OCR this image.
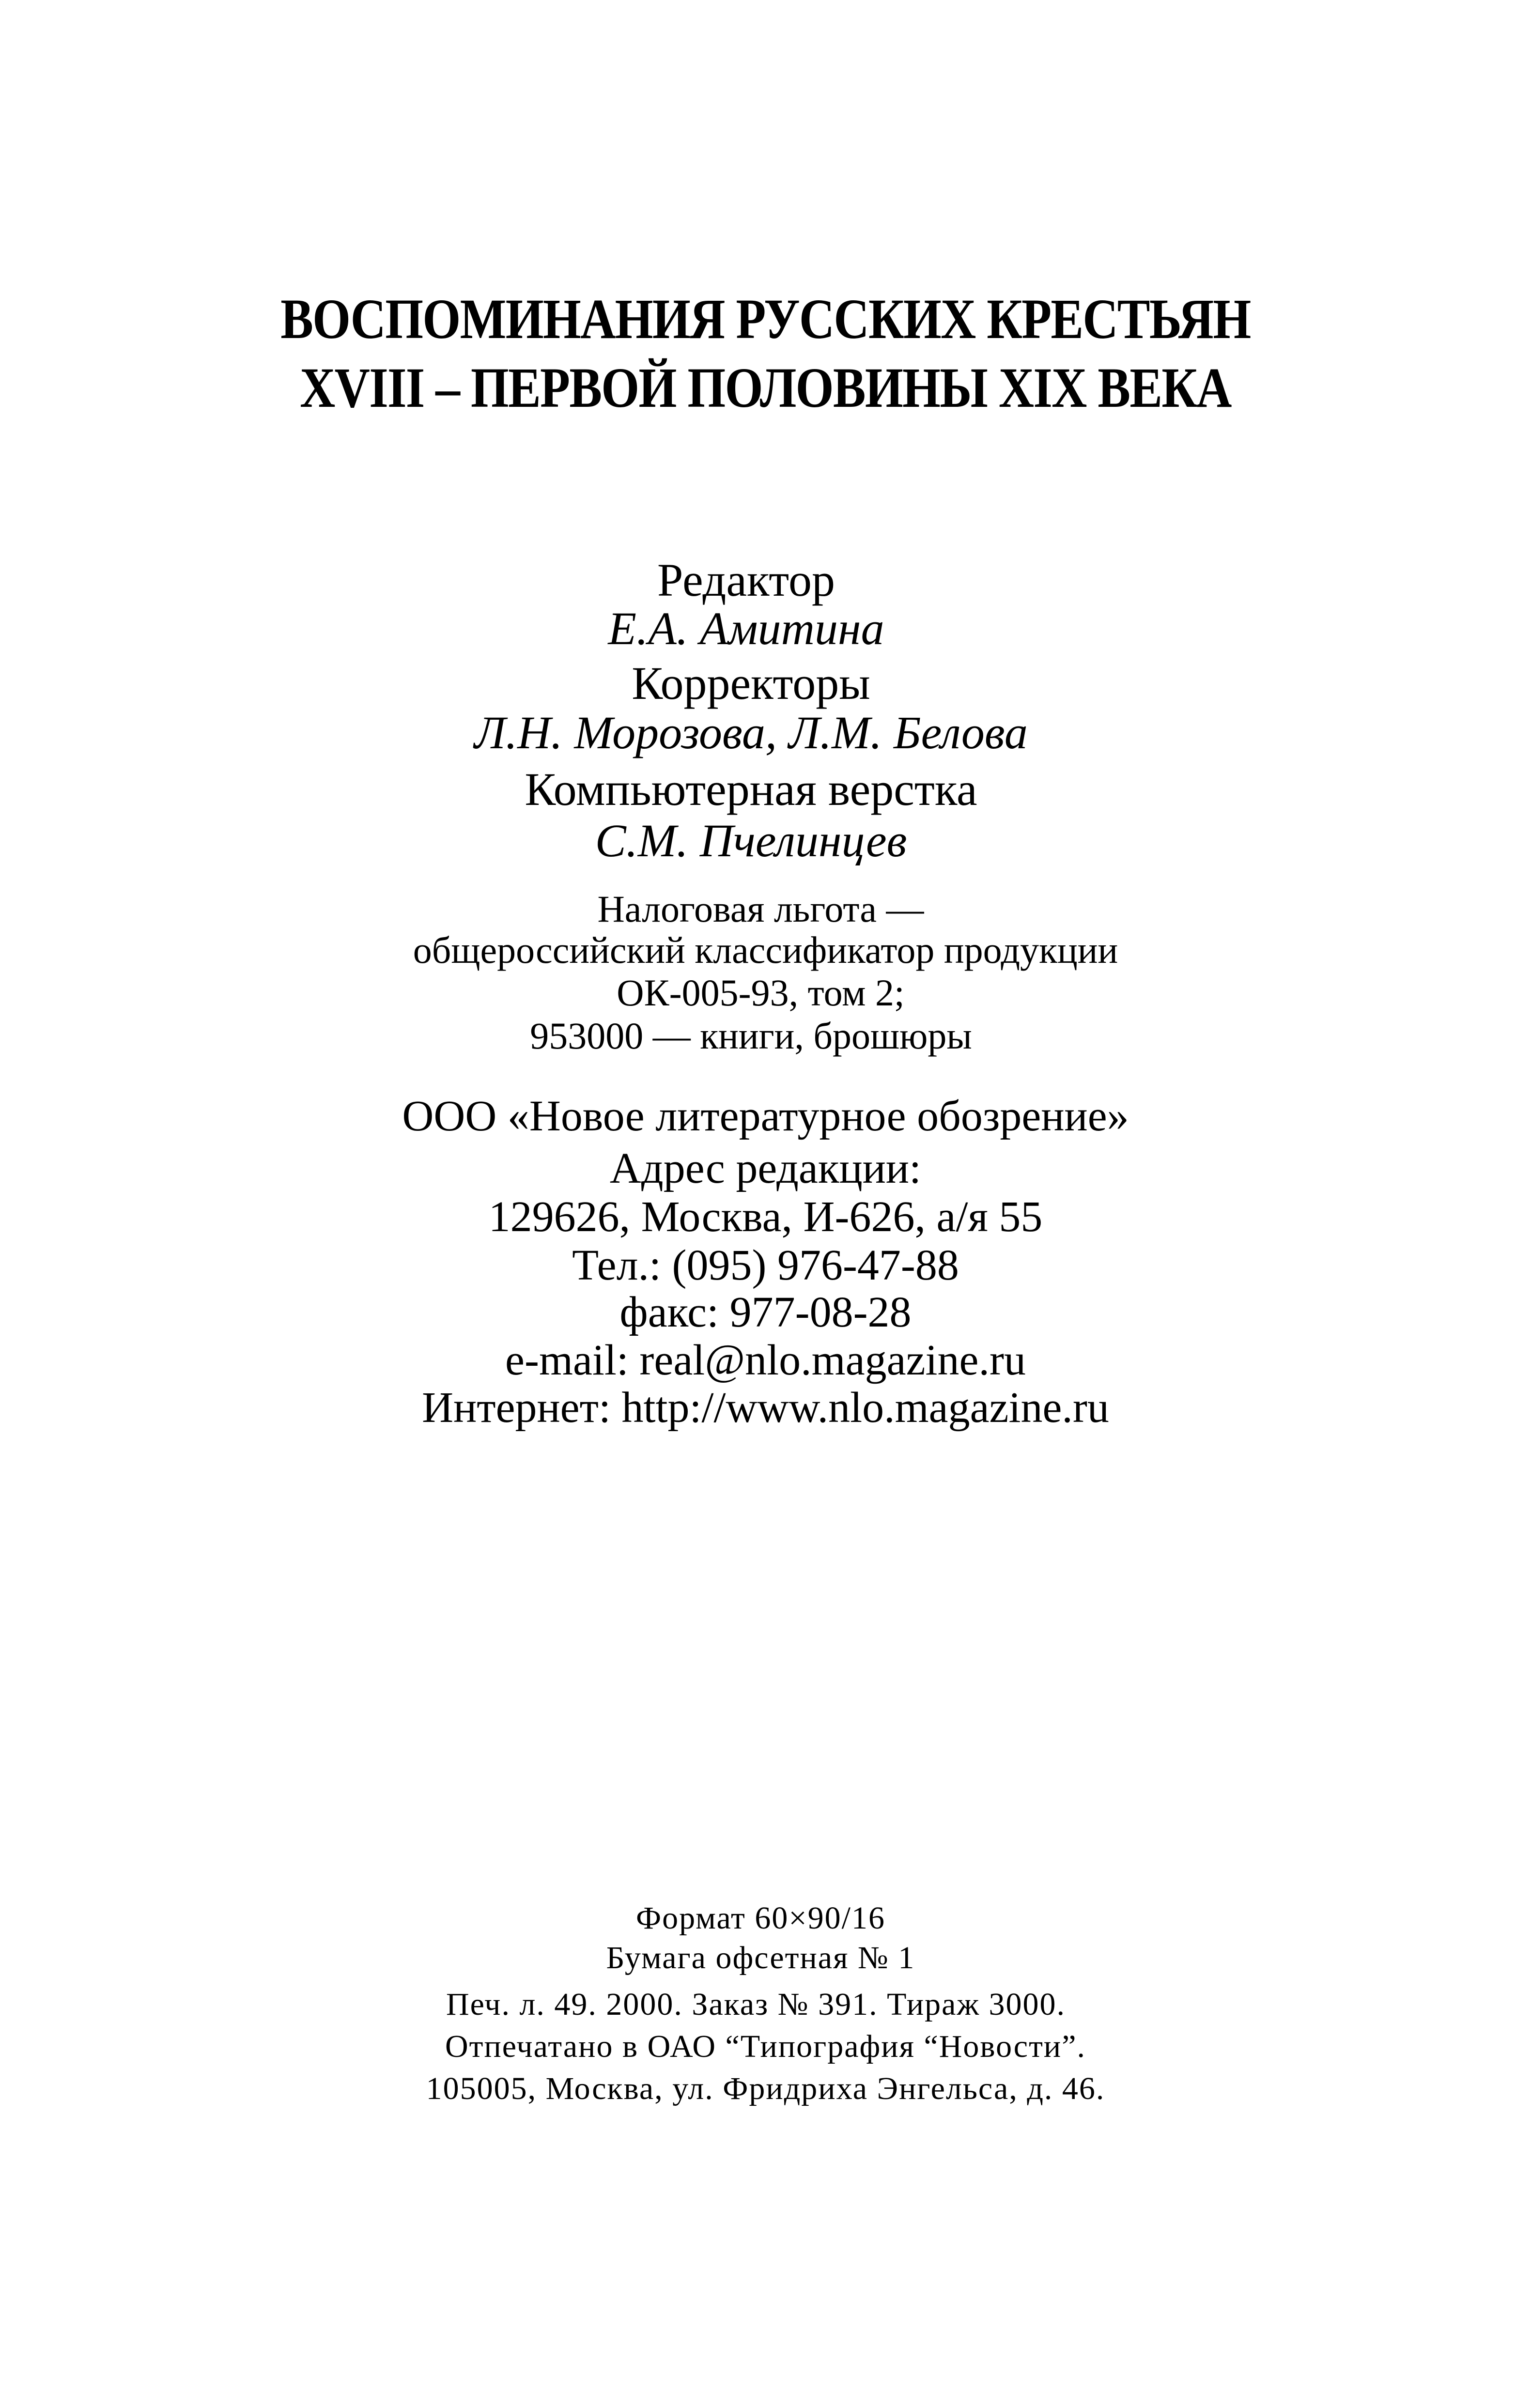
ВОСПОМИНАНИЯ РУССКИХ КРЕСТЬЯН
XVIII – ПЕРВОЙ ПОЛОВИНЫ XIX ВЕКА
Редактор
Е.А. Амитина
Корректоры
Л.Н. Морозова, Л.М. Белова
Компьютерная верстка
С.М. Пчелинцев
Налоговая льгота —
общероссийский классификатор продукции
ОК-005-93, том 2;
953000 — книги, брошюры
ООО «Новое литературное обозрение»
Адрес редакции:
129626, Москва, И-626, а/я 55
Тел.: (095) 976-47-88
факс: 977-08-28
e-mail: real@nlo.magazine.ru
Интернет: http://www.nlo.magazine.ru
Формат 60×90/16
Бумага офсетная № 1
Печ. л. 49. 2000. Заказ № 391. Тираж 3000.
Отпечатано в ОАО “Типография “Новости”.
105005, Москва, ул. Фридриха Энгельса, д. 46.
